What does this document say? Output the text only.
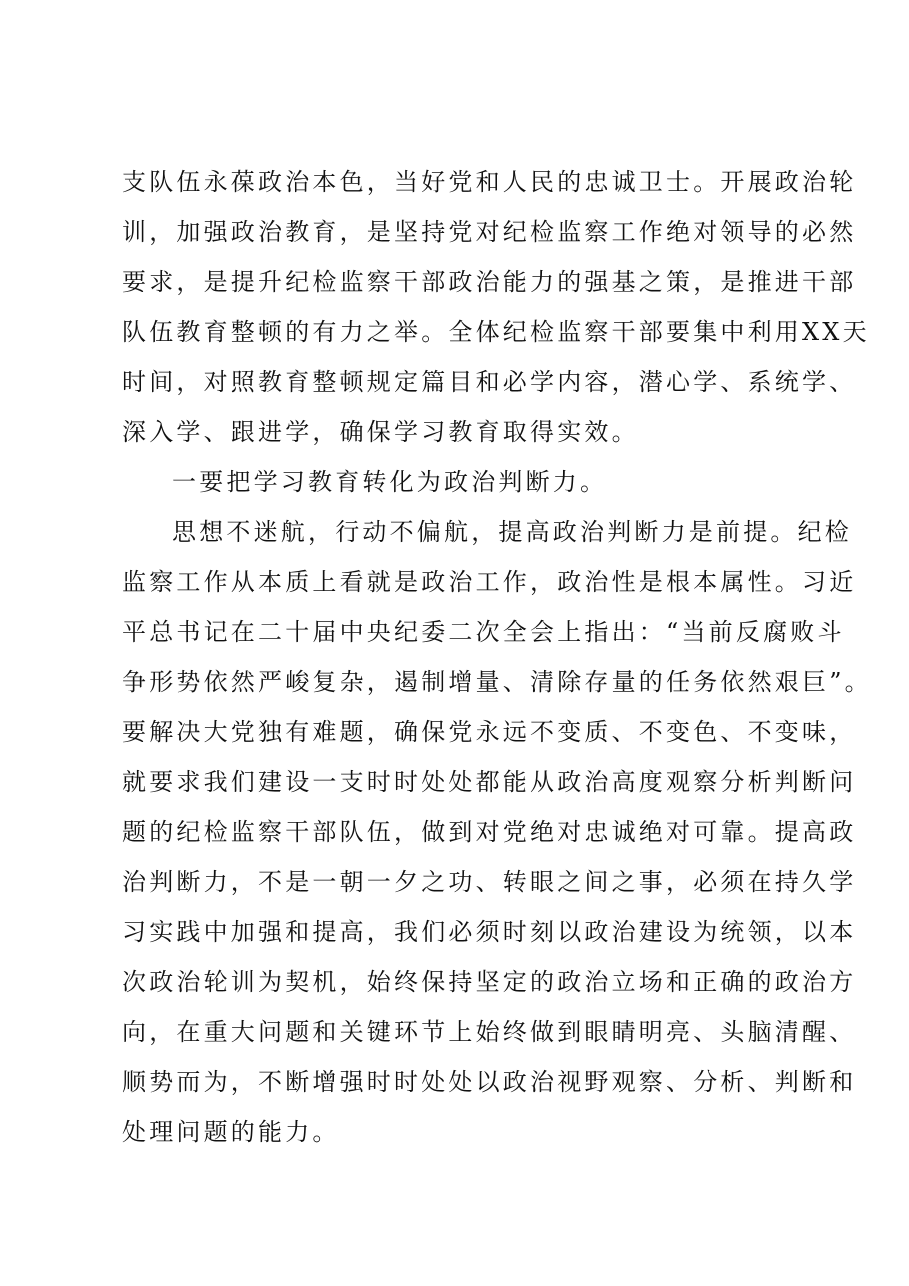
支队伍永葆政治本色，当好党和人民的忠诚卫士。开展政治轮
训，加强政治教育，是坚持党对纪检监察工作绝对领导的必然
要求，是提升纪检监察干部政治能力的强基之策，是推进干部
队伍教育整顿的有力之举。全体纪检监察干部要集中利用XX天
时间，对照教育整顿规定篇目和必学内容，潜心学、系统学、
深入学、跟进学，确保学习教育取得实效。
一要把学习教育转化为政治判断力。
思想不迷航，行动不偏航，提高政治判断力是前提。纪检
监察工作从本质上看就是政治工作，政治性是根本属性。习近
平总书记在二十届中央纪委二次全会上指出：“当前反腐败斗
争形势依然严峻复杂，遏制增量、清除存量的任务依然艰巨”。
要解决大党独有难题，确保党永远不变质、不变色、不变味，
就要求我们建设一支时时处处都能从政治高度观察分析判断问
题的纪检监察干部队伍，做到对党绝对忠诚绝对可靠。提高政
治判断力，不是一朝一夕之功、转眼之间之事，必须在持久学
习实践中加强和提高，我们必须时刻以政治建设为统领，以本
次政治轮训为契机，始终保持坚定的政治立场和正确的政治方
向，在重大问题和关键环节上始终做到眼睛明亮、头脑清醒、
顺势而为，不断增强时时处处以政治视野观察、分析、判断和
处理问题的能力。
